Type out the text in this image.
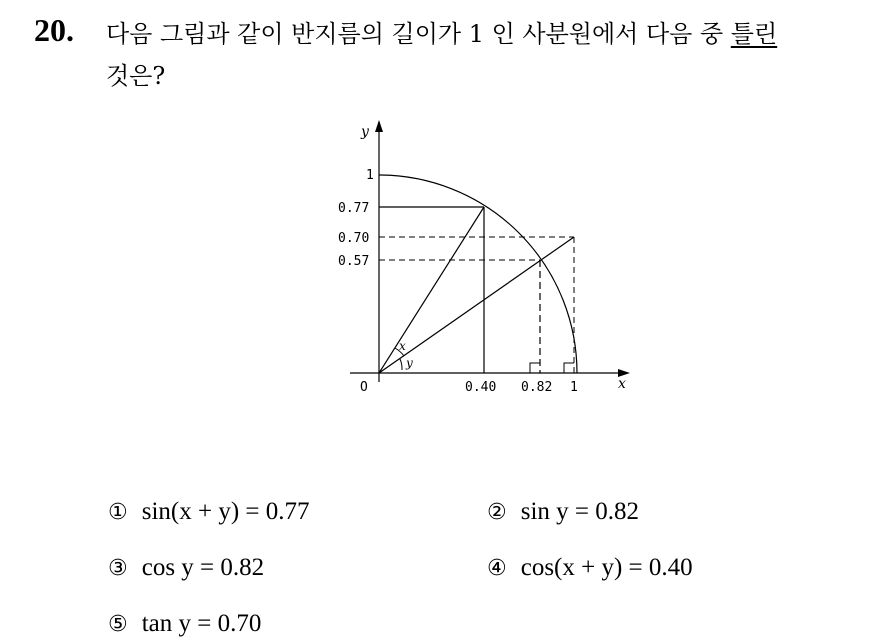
20. 다음 그림과 같이 반지름의 길이가 1 인 사분원에서 다음 중 틀린
것은?
y
x
O
1
0.77
0.70
0.57
0.40 0.82 1
x
y
① sin(x + y) = 0.77	② sin y = 0.82
③ cos y = 0.82	④ cos(x + y) = 0.40
⑤ tan y = 0.70
